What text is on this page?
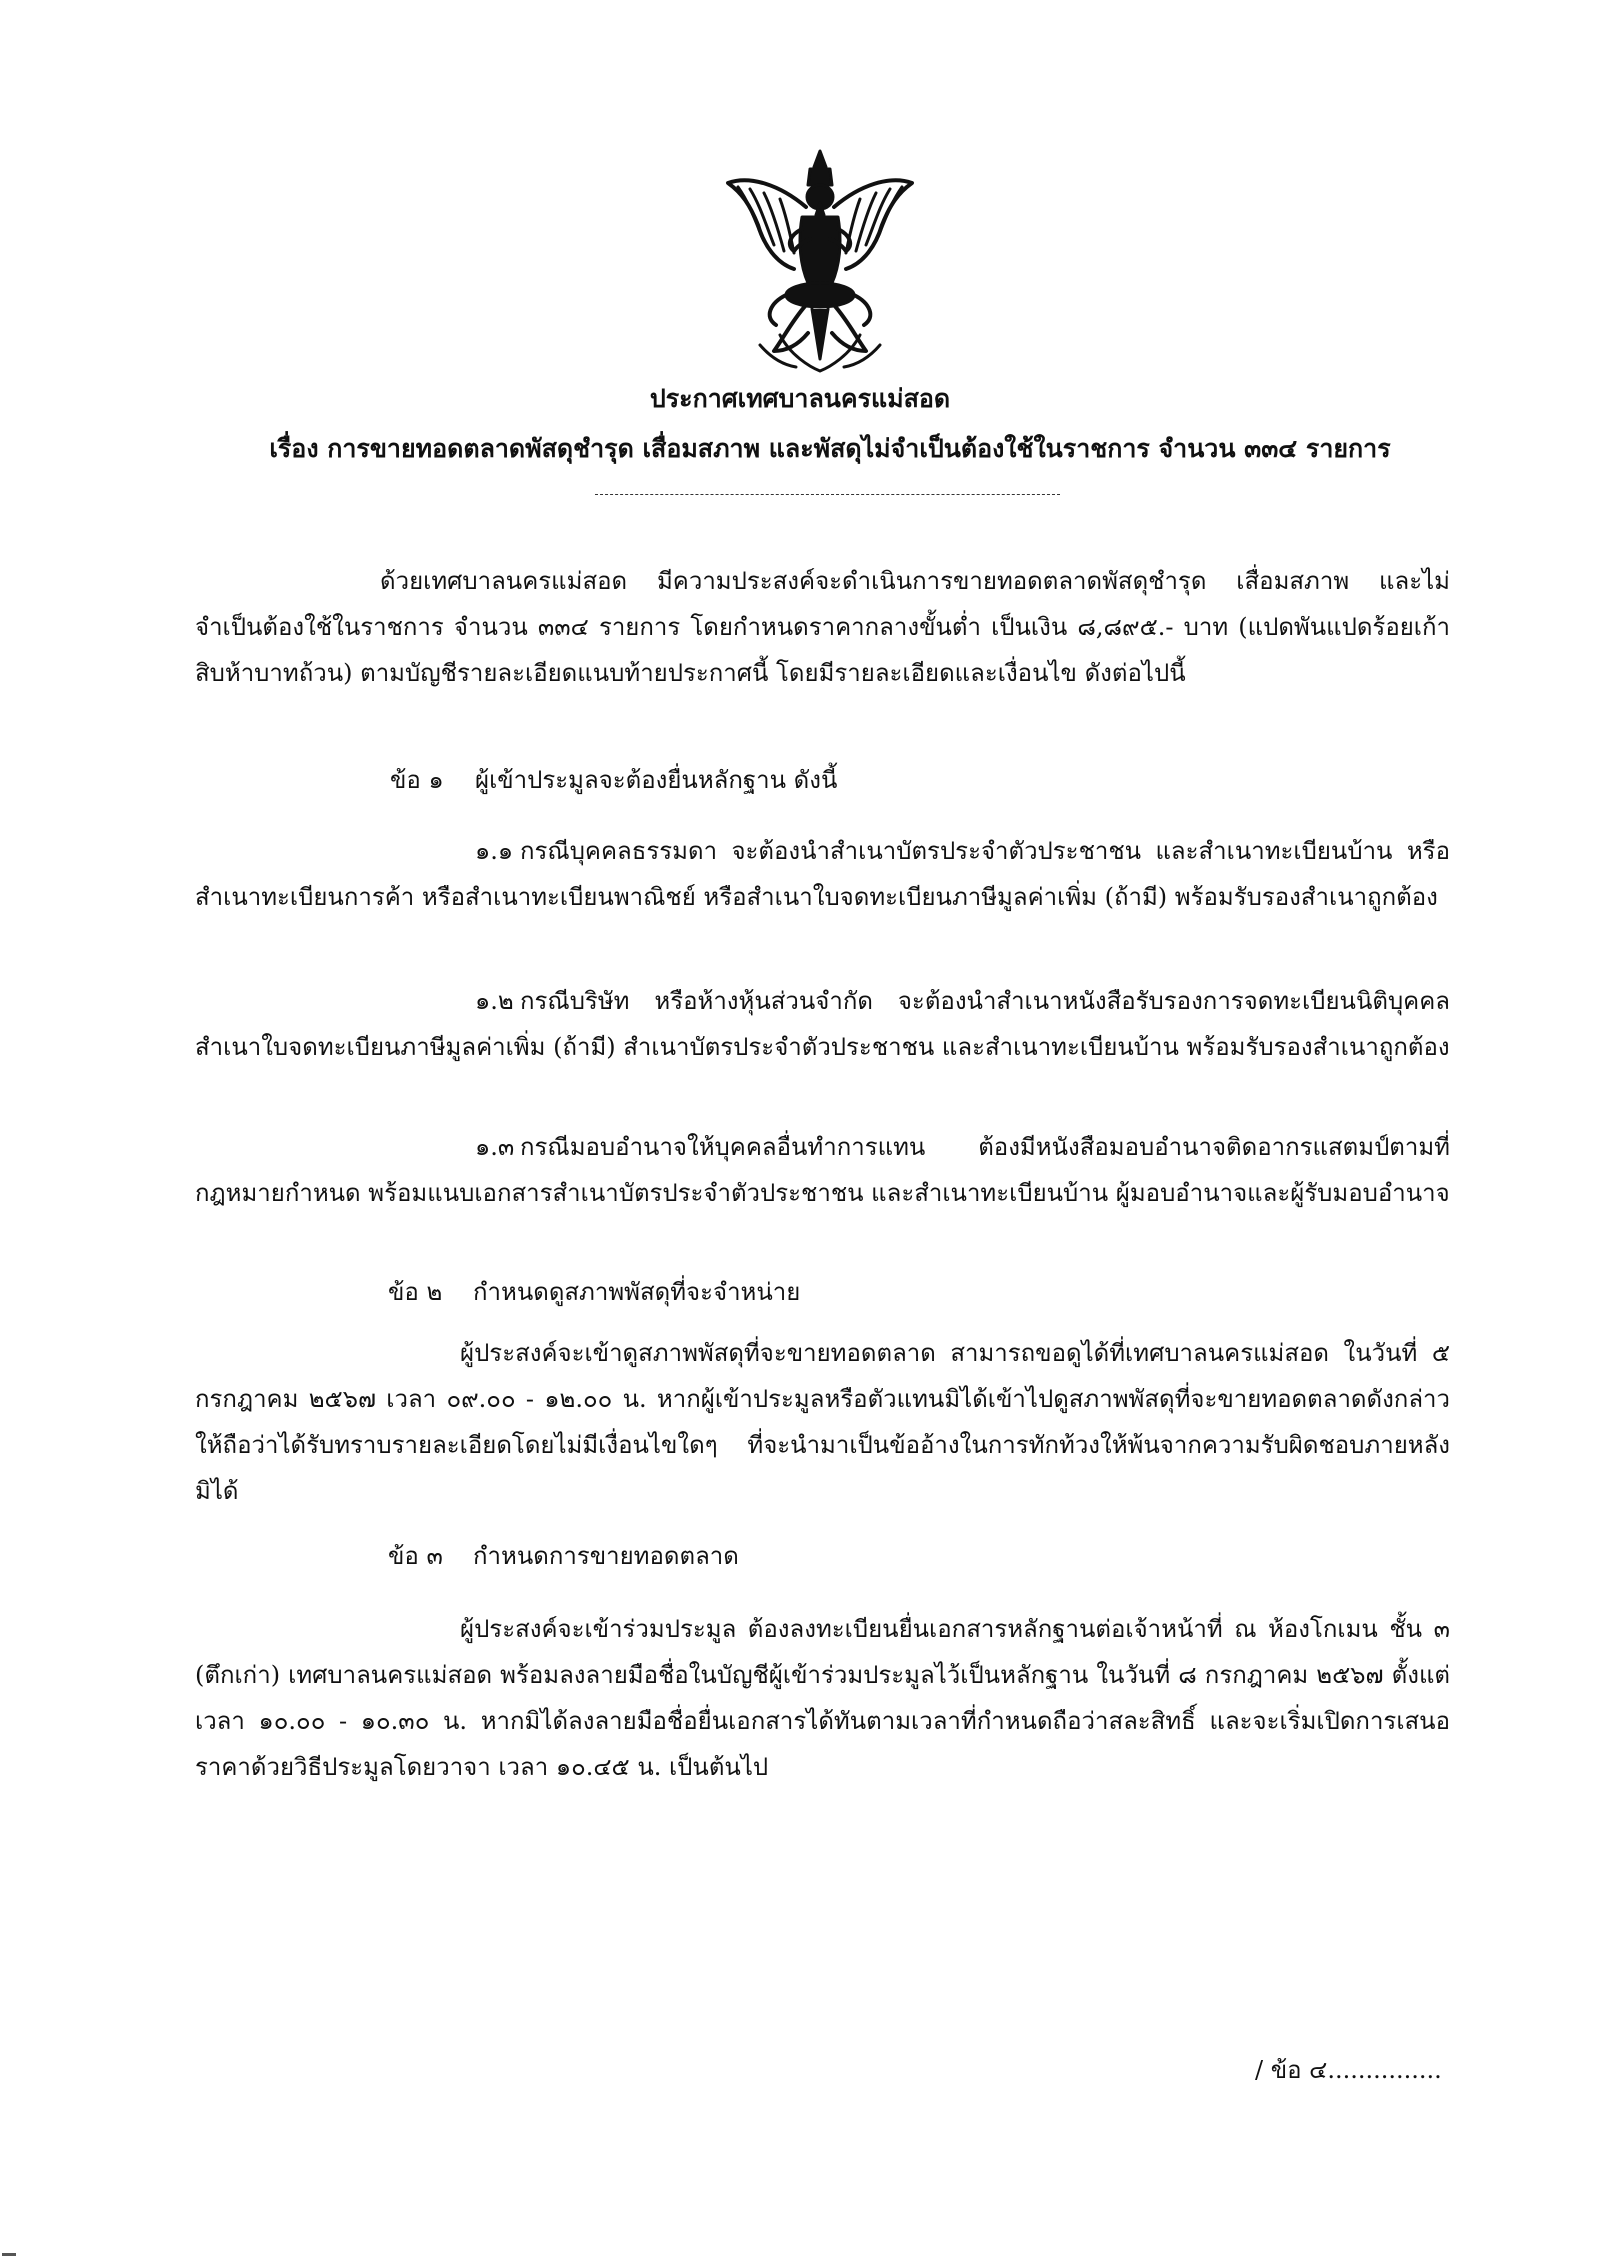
ประกาศเทศบาลนครแม่สอด
เรื่อง การขายทอดตลาดพัสดุชำรุด เสื่อมสภาพ และพัสดุไม่จำเป็นต้องใช้ในราชการ จำนวน ๓๓๔ รายการ
ด้วยเทศบาลนครแม่สอด มีความประสงค์จะดำเนินการขายทอดตลาดพัสดุชำรุด เสื่อมสภาพ และไม่จำเป็นต้องใช้ในราชการ จำนวน ๓๓๔ รายการ โดยกำหนดราคากลางขั้นต่ำ เป็นเงิน ๘,๘๙๕.- บาท (แปดพันแปดร้อยเก้าสิบห้าบาทถ้วน) ตามบัญชีรายละเอียดแนบท้ายประกาศนี้ โดยมีรายละเอียดและเงื่อนไข ดังต่อไปนี้
ข้อ ๑ ผู้เข้าประมูลจะต้องยื่นหลักฐาน ดังนี้
๑.๑ กรณีบุคคลธรรมดา จะต้องนำสำเนาบัตรประจำตัวประชาชน และสำเนาทะเบียนบ้าน หรือสำเนาทะเบียนการค้า หรือสำเนาทะเบียนพาณิชย์ หรือสำเนาใบจดทะเบียนภาษีมูลค่าเพิ่ม (ถ้ามี) พร้อมรับรองสำเนาถูกต้อง
๑.๒ กรณีบริษัท หรือห้างหุ้นส่วนจำกัด จะต้องนำสำเนาหนังสือรับรองการจดทะเบียนนิติบุคคล สำเนาใบจดทะเบียนภาษีมูลค่าเพิ่ม (ถ้ามี) สำเนาบัตรประจำตัวประชาชน และสำเนาทะเบียนบ้าน พร้อมรับรองสำเนาถูกต้อง
๑.๓ กรณีมอบอำนาจให้บุคคลอื่นทำการแทน ต้องมีหนังสือมอบอำนาจติดอากรแสตมป์ตามที่กฎหมายกำหนด พร้อมแนบเอกสารสำเนาบัตรประจำตัวประชาชน และสำเนาทะเบียนบ้าน ผู้มอบอำนาจและผู้รับมอบอำนาจ
ข้อ ๒ กำหนดดูสภาพพัสดุที่จะจำหน่าย
ผู้ประสงค์จะเข้าดูสภาพพัสดุที่จะขายทอดตลาด สามารถขอดูได้ที่เทศบาลนครแม่สอด ในวันที่ ๕ กรกฎาคม ๒๕๖๗ เวลา ๐๙.๐๐ - ๑๒.๐๐ น. หากผู้เข้าประมูลหรือตัวแทนมิได้เข้าไปดูสภาพพัสดุที่จะขายทอดตลาดดังกล่าว ให้ถือว่าได้รับทราบรายละเอียดโดยไม่มีเงื่อนไขใดๆ ที่จะนำมาเป็นข้ออ้างในการทักท้วงให้พ้นจากความรับผิดชอบภายหลังมิได้
ข้อ ๓ กำหนดการขายทอดตลาด
ผู้ประสงค์จะเข้าร่วมประมูล ต้องลงทะเบียนยื่นเอกสารหลักฐานต่อเจ้าหน้าที่ ณ ห้องโกเมน ชั้น ๓ (ตึกเก่า) เทศบาลนครแม่สอด พร้อมลงลายมือชื่อในบัญชีผู้เข้าร่วมประมูลไว้เป็นหลักฐาน ในวันที่ ๘ กรกฎาคม ๒๕๖๗ ตั้งแต่เวลา ๑๐.๐๐ - ๑๐.๓๐ น. หากมิได้ลงลายมือชื่อยื่นเอกสารได้ทันตามเวลาที่กำหนดถือว่าสละสิทธิ์ และจะเริ่มเปิดการเสนอราคาด้วยวิธีประมูลโดยวาจา เวลา ๑๐.๔๕ น. เป็นต้นไป
/ ข้อ ๔...............
